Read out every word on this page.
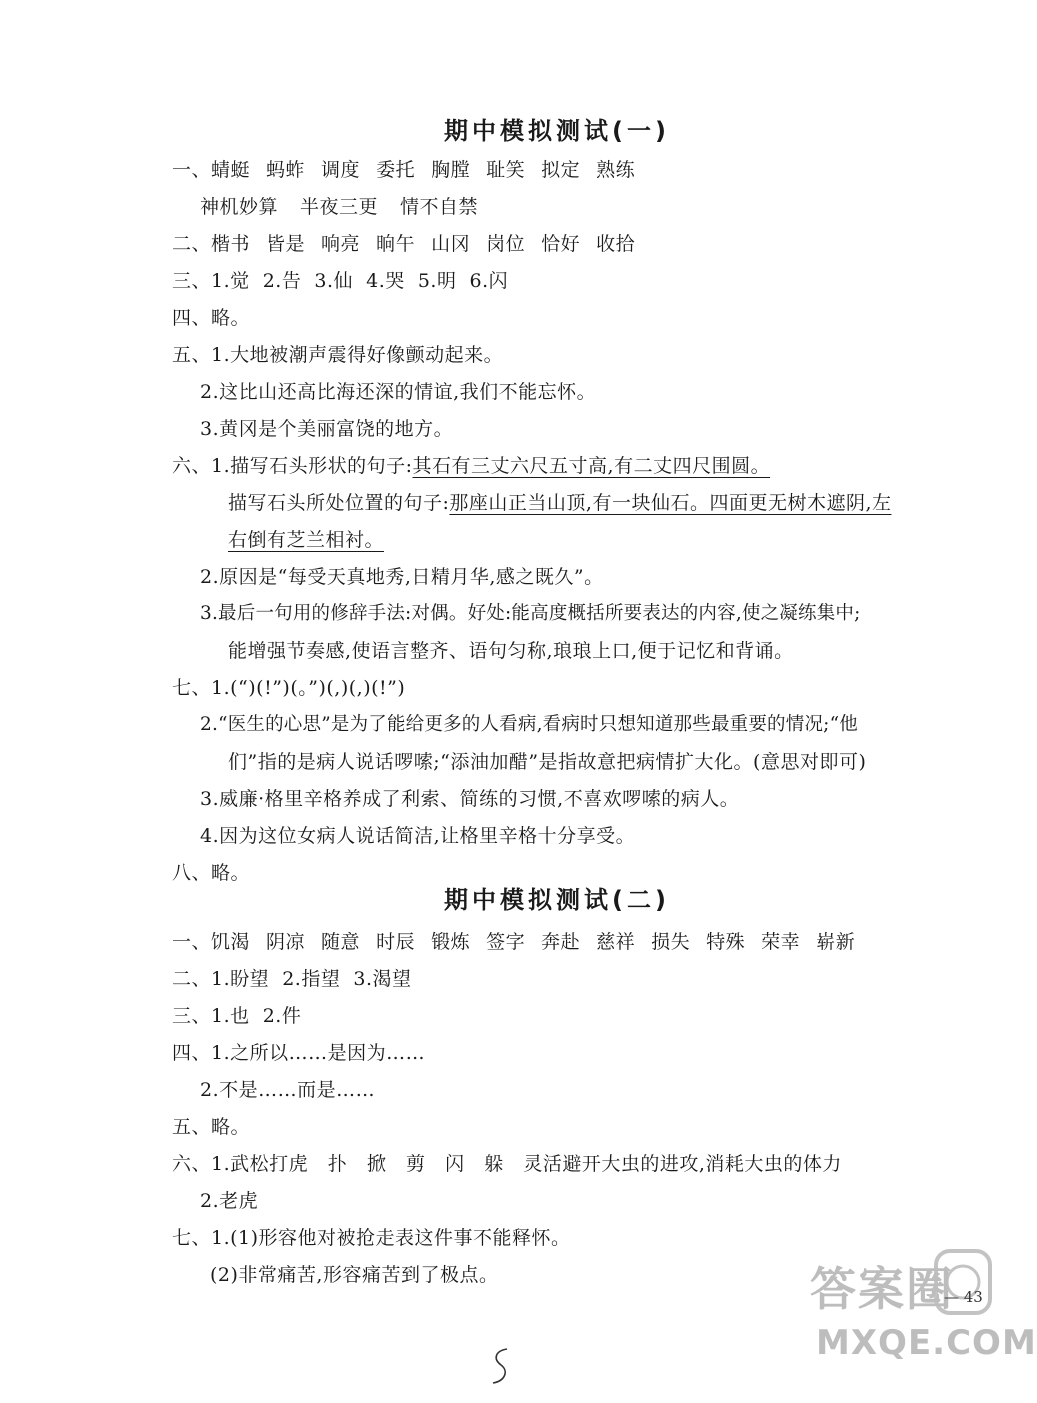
期中模拟测试(一)
一、蜻蜓 蚂蚱 调度 委托 胸膛 耻笑 拟定 熟练
神机妙算 半夜三更 情不自禁
二、楷书 皆是 响亮 晌午 山冈 岗位 恰好 收拾
三、1.觉  2.告  3.仙  4.哭  5.明  6.闪
四、略。
五、1.大地被潮声震得好像颤动起来。
2.这比山还高比海还深的情谊,我们不能忘怀。
3.黄冈是个美丽富饶的地方。
六、1.描写石头形状的句子:其石有三丈六尺五寸高,有二丈四尺围圆。
描写石头所处位置的句子:那座山正当山顶,有一块仙石。四面更无树木遮阴,左
右倒有芝兰相衬。
2.原因是“每受天真地秀,日精月华,感之既久”。
3.最后一句用的修辞手法:对偶。好处:能高度概括所要表达的内容,使之凝练集中;
能增强节奏感,使语言整齐、语句匀称,琅琅上口,便于记忆和背诵。
七、1.(“)(!”)(。”)(,)(,)(!”)
2.“医生的心思”是为了能给更多的人看病,看病时只想知道那些最重要的情况;“他
们”指的是病人说话啰嗦;“添油加醋”是指故意把病情扩大化。(意思对即可)
3.威廉·格里辛格养成了利索、简练的习惯,不喜欢啰嗦的病人。
4.因为这位女病人说话简洁,让格里辛格十分享受。
八、略。
期中模拟测试(二)
一、饥渴 阴凉 随意 时辰 锻炼 签字 奔赴 慈祥 损失 特殊 荣幸 崭新
二、1.盼望  2.指望  3.渴望
三、1.也  2.件
四、1.之所以……是因为……
2.不是……而是……
五、略。
六、1.武松打虎   扑   掀   剪   闪   躲   灵活避开大虫的进攻,消耗大虫的体力
2.老虎
七、1.(1)形容他对被抢走表这件事不能释怀。
(2)非常痛苦,形容痛苦到了极点。
— 43
答案圈
MXQE.COM
